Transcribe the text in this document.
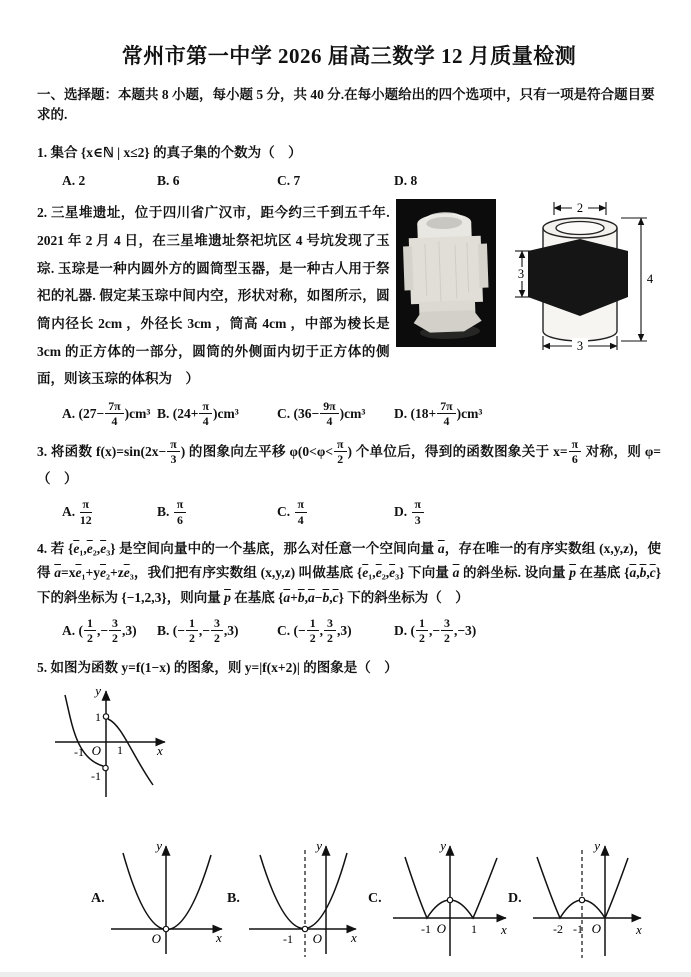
常州市第一中学 2026 届高三数学 12 月质量检测

一、选择题：本题共 8 小题，每小题 5 分，共 40 分.在每小题给出的四个选项中，只有一项是符合题目要求的.

1. 集合 {x∈ℕ | x≤2} 的真子集的个数为（　）

A. 2	B. 6	C. 7	D. 8

2. 三星堆遗址，位于四川省广汉市，距今约三千到五千年. 2021 年 2 月 4 日，在三星堆遗址祭祀坑区 4 号坑发现了玉琮. 玉琮是一种内圆外方的圆筒型玉器，是一种古人用于祭祀的礼器. 假定某玉琮中间内空，形状对称，如图所示，圆筒内径长 2cm ，外径长 3cm ，筒高 4cm ，中部为棱长是 3cm 的正方体的一部分，圆筒的外侧面内切于正方体的侧面，则该玉琮的体积为　）

2
3	4
3
A. $(27- \frac{7\pi}{4} )cm^3$ B. $(24+ \frac{\pi}{4} )cm^3$	C. $(36- \frac{9\pi}{4} )cm^3$	D. $(18+ \frac{7\pi}{4} )cm^3$

3. 将函数 $f(x)=\sin(2x- \frac{\pi}{3}$ ) 的图象向左平移 $\varphi(0<\varphi< \frac{\pi}{2}$ ) 个单位后，得到的函数图象关于 $x= \frac{\pi}{6}$ 对称，则 φ=（　）

A. $\frac{\pi}{12}$	B. $\frac{\pi}{6}$	C. $\frac{\pi}{4}$	D. $\frac{\pi}{3}$

4. 若 $\{\overline{e}_1,\overline{e}_2,\overline{e}_3\}$ 是空间向量中的一个基底，那么对任意一个空间向量 $\overline{a}$，存在唯一的有序实数组 (x,y,z)，使得 $\overline{a}=x\overline{e}_1+y\overline{e}_2+z\overline{e}_3$，我们把有序实数组 (x,y,z) 叫做基底 $\{\overline{e}_1,\overline{e}_2,\overline{e}_3\}$ 下向量 $\overline{a}$ 的斜坐标. 设向量 $\overline{p}$ 在基底 $\{\overline{a},\overline{b},\overline{c}\}$ 下的斜坐标为 {−1,2,3}，则向量 $\overline{p}$ 在基底 $\{\overline{a}+\overline{b},\overline{a}-\overline{b},\overline{c}\}$ 下的斜坐标为（　）

A. ( $\frac{1}{2}$ ,− $\frac{3}{2} ,3$)	B. (− $\frac{1}{2}$ ,− $\frac{3}{2} ,3$)	C. (− $\frac{1}{2}$ , $\frac{3}{2} ,3$)	D. ( $\frac{1}{2}$ ,− $\frac{3}{2} ,-3$)

5. 如图为函数 y=f(1−x) 的图象，则 y=|f(x+2)| 的图象是（　）

y
x
O
1
-1
-1	1
A.
O	x
y
B.
-1 O x
y
C.
-1 O 1 x
y
D.
-2 -1 O	x
y
